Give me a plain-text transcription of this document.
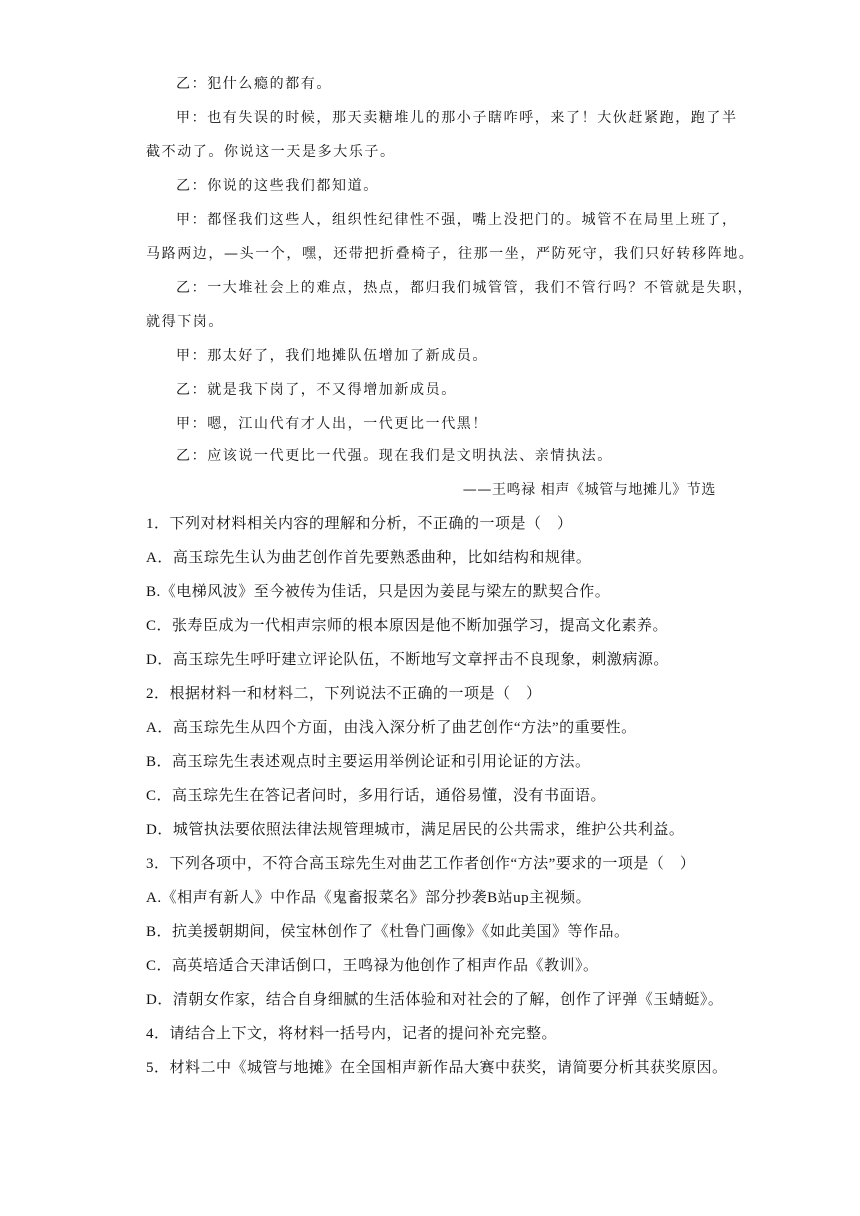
乙：犯什么瘾的都有。
甲：也有失误的时候，那天卖糖堆儿的那小子瞎咋呼，来了！大伙赶紧跑，跑了半
截不动了。你说这一天是多大乐子。
乙：你说的这些我们都知道。
甲：都怪我们这些人，组织性纪律性不强，嘴上没把门的。城管不在局里上班了，
马路两边，—头一个，嘿，还带把折叠椅子，往那一坐，严防死守，我们只好转移阵地。
乙：一大堆社会上的难点，热点，都归我们城管管，我们不管行吗？不管就是失职，
就得下岗。
甲：那太好了，我们地摊队伍增加了新成员。
乙：就是我下岗了，不又得增加新成员。
甲：嗯，江山代有才人出，一代更比一代黑！
乙：应该说一代更比一代强。现在我们是文明执法、亲情执法。
——王鸣禄 相声《城管与地摊儿》节选
1．下列对材料相关内容的理解和分析，不正确的一项是（　）
A．高玉琮先生认为曲艺创作首先要熟悉曲种，比如结构和规律。
B.《电梯风波》至今被传为佳话，只是因为姜昆与梁左的默契合作。
C．张寿臣成为一代相声宗师的根本原因是他不断加强学习，提高文化素养。
D．高玉琮先生呼吁建立评论队伍，不断地写文章抨击不良现象，刺激病源。
2．根据材料一和材料二，下列说法不正确的一项是（　）
A．高玉琮先生从四个方面，由浅入深分析了曲艺创作“方法”的重要性。
B．高玉琮先生表述观点时主要运用举例论证和引用论证的方法。
C．高玉琮先生在答记者问时，多用行话，通俗易懂，没有书面语。
D．城管执法要依照法律法规管理城市，满足居民的公共需求，维护公共利益。
3．下列各项中，不符合高玉琮先生对曲艺工作者创作“方法”要求的一项是（　）
A.《相声有新人》中作品《鬼畜报菜名》部分抄袭B站up主视频。
B．抗美援朝期间，侯宝林创作了《杜鲁门画像》《如此美国》等作品。
C．高英培适合天津话倒口，王鸣禄为他创作了相声作品《教训》。
D．清朝女作家，结合自身细腻的生活体验和对社会的了解，创作了评弹《玉蜻蜓》。
4．请结合上下文，将材料一括号内，记者的提问补充完整。
5．材料二中《城管与地摊》在全国相声新作品大赛中获奖，请简要分析其获奖原因。
